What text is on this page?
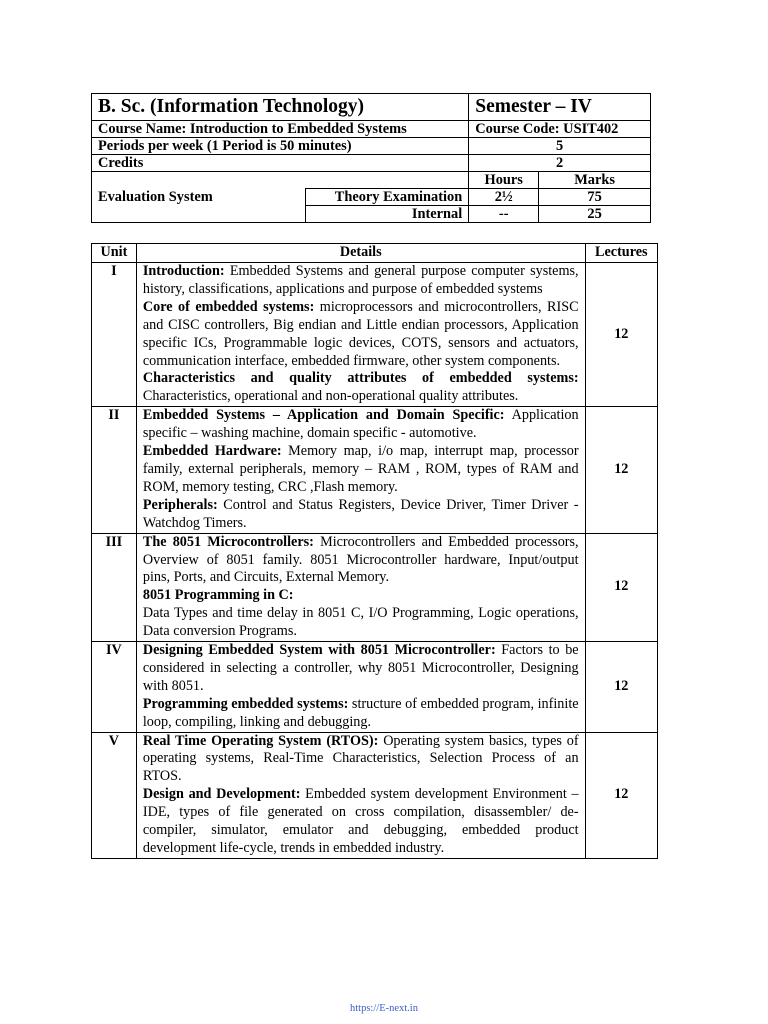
B. Sc. (Information Technology)		Semester – IV	
Course Name: Introduction to Embedded Systems		Course Code: USIT402	
Periods per week (1 Period is 50 minutes)		5	
Credits		2	
		Hours	Marks
Evaluation System	Theory Examination	2½	75
	Internal	--	25
Unit	Details	Lectures
I	Introduction: Embedded Systems and general purpose computer systems, history, classifications, applications and purpose of embedded systems

Core of embedded systems: microprocessors and microcontrollers, RISC and CISC controllers, Big endian and Little endian processors, Application specific ICs, Programmable logic devices, COTS, sensors and actuators, communication interface, embedded firmware, other system components.

Characteristics and quality attributes of embedded systems: Characteristics, operational and non-operational quality attributes.	12
II	Embedded Systems – Application and Domain Specific: Application specific – washing machine, domain specific - automotive.

Embedded Hardware: Memory map, i/o map, interrupt map, processor family, external peripherals, memory – RAM , ROM, types of RAM and ROM, memory testing, CRC ,Flash memory.

Peripherals: Control and Status Registers, Device Driver, Timer Driver - Watchdog Timers.	12
III	The 8051 Microcontrollers: Microcontrollers and Embedded processors, Overview of 8051 family. 8051 Microcontroller hardware, Input/output pins, Ports, and Circuits, External Memory.

8051 Programming in C:

Data Types and time delay in 8051 C, I/O Programming, Logic operations, Data conversion Programs.	12
IV	Designing Embedded System with 8051 Microcontroller: Factors to be considered in selecting a controller, why 8051 Microcontroller, Designing with 8051.

Programming embedded systems: structure of embedded program, infinite loop, compiling, linking and debugging.	12
V	Real Time Operating System (RTOS): Operating system basics, types of operating systems, Real-Time Characteristics, Selection Process of an RTOS.

Design and Development: Embedded system development Environment – IDE, types of file generated on cross compilation, disassembler/ de-compiler, simulator, emulator and debugging, embedded product development life-cycle, trends in embedded industry.	12
https://E-next.in
